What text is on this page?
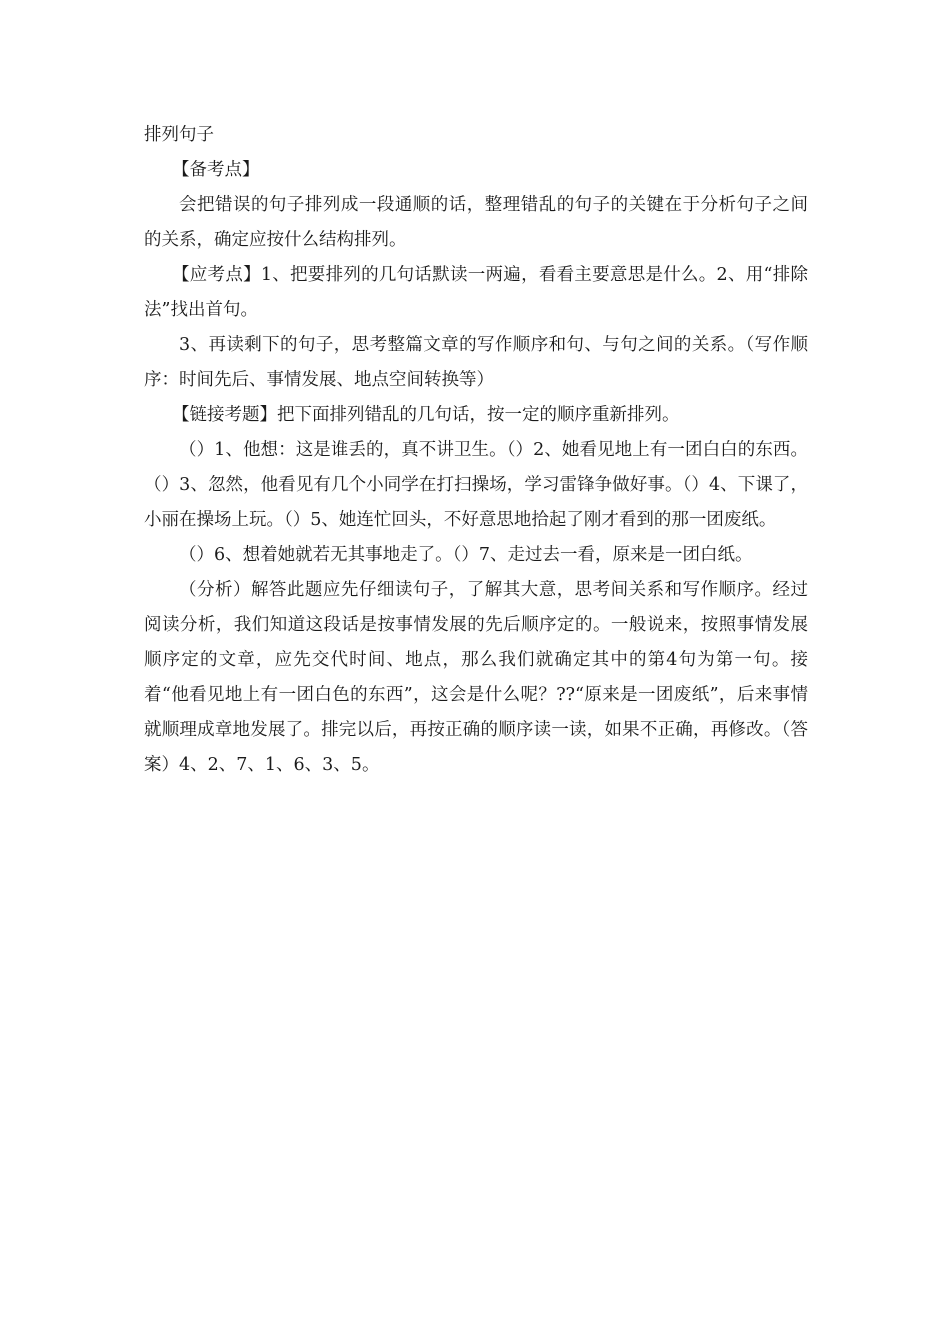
排列句子

【备考点】

会把错误的句子排列成一段通顺的话，整理错乱的句子的关键在于分析句子之间的关系，确定应按什么结构排列。

【应考点】1、把要排列的几句话默读一两遍，看看主要意思是什么。2、用“排除法”找出首句。

3、再读剩下的句子，思考整篇文章的写作顺序和句、与句之间的关系。（写作顺序：时间先后、事情发展、地点空间转换等）

【链接考题】把下面排列错乱的几句话，按一定的顺序重新排列。

（）1、他想：这是谁丢的，真不讲卫生。（）2、她看见地上有一团白白的东西。（）3、忽然，他看见有几个小同学在打扫操场，学习雷锋争做好事。（）4、下课了，小丽在操场上玩。（）5、她连忙回头，不好意思地拾起了刚才看到的那一团废纸。

（）6、想着她就若无其事地走了。（）7、走过去一看，原来是一团白纸。

（分析）解答此题应先仔细读句子，了解其大意，思考间关系和写作顺序。经过阅读分析，我们知道这段话是按事情发展的先后顺序定的。一般说来，按照事情发展顺序定的文章，应先交代时间、地点，那么我们就确定其中的第4句为第一句。接着“他看见地上有一团白色的东西”，这会是什么呢？??“原来是一团废纸”，后来事情就顺理成章地发展了。排完以后，再按正确的顺序读一读，如果不正确，再修改。（答案）4、2、7、1、6、3、5。
